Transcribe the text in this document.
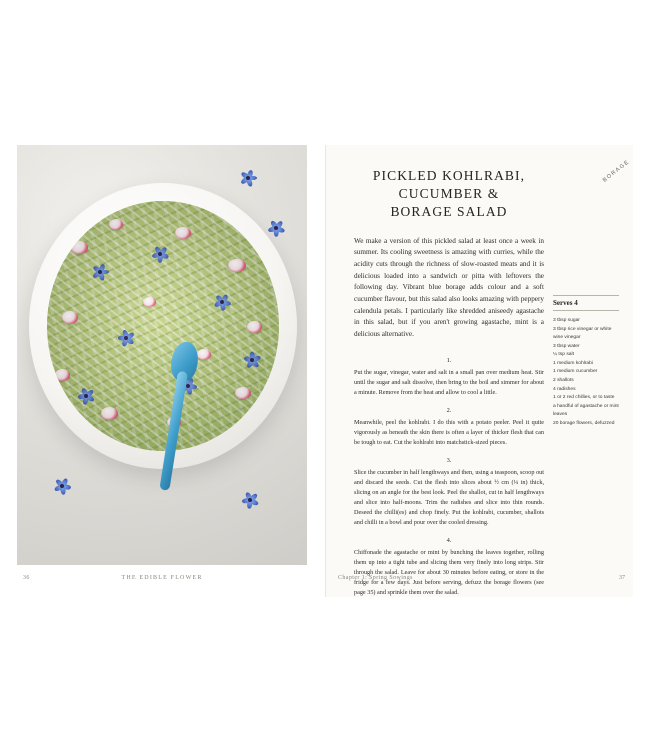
36	THE EDIBLE FLOWER
BORAGE
PICKLED KOHLRABI,
CUCUMBER &
BORAGE SALAD
We make a version of this pickled salad at least once a week in summer. Its cooling sweetness is amazing with curries, while the acidity cuts through the richness of slow-roasted meats and it is delicious loaded into a sandwich or pitta with leftovers the following day. Vibrant blue borage adds colour and a soft cucumber flavour, but this salad also looks amazing with peppery calendula petals. I particularly like shredded aniseedy agastache in this salad, but if you aren't growing agastache, mint is a delicious alternative.
1.
Put the sugar, vinegar, water and salt in a small pan over medium heat. Stir until the sugar and salt dissolve, then bring to the boil and simmer for about a minute. Remove from the heat and allow to cool a little.
2.
Meanwhile, peel the kohlrabi. I do this with a potato peeler. Peel it quite vigorously as beneath the skin there is often a layer of thicker flesh that can be tough to eat. Cut the kohlrabi into matchstick-sized pieces.
3.
Slice the cucumber in half lengthways and then, using a teaspoon, scoop out and discard the seeds. Cut the flesh into slices about ½ cm (¼ in) thick, slicing on an angle for the best look. Peel the shallot, cut in half lengthways and slice into half-moons. Trim the radishes and slice into thin rounds. Deseed the chilli(es) and chop finely. Put the kohlrabi, cucumber, shallots and chilli in a bowl and pour over the cooled dressing.
4.
Chiffonade the agastache or mint by bunching the leaves together, rolling them up into a tight tube and slicing them very finely into long strips. Stir through the salad. Leave for about 30 minutes before eating, or store in the fridge for a few days. Just before serving, defuzz the borage flowers (see page 35) and sprinkle them over the salad.
Serves 4
3 tbsp sugar
3 tbsp rice vinegar or white wine vinegar
3 tbsp water
¼ tsp salt
1 medium kohlrabi
1 medium cucumber
2 shallots
4 radishes
1 or 2 red chillies, or to taste
a handful of agastache or mint leaves
20 borage flowers, defuzzed
Chapter 1: Spring Sowings	37
